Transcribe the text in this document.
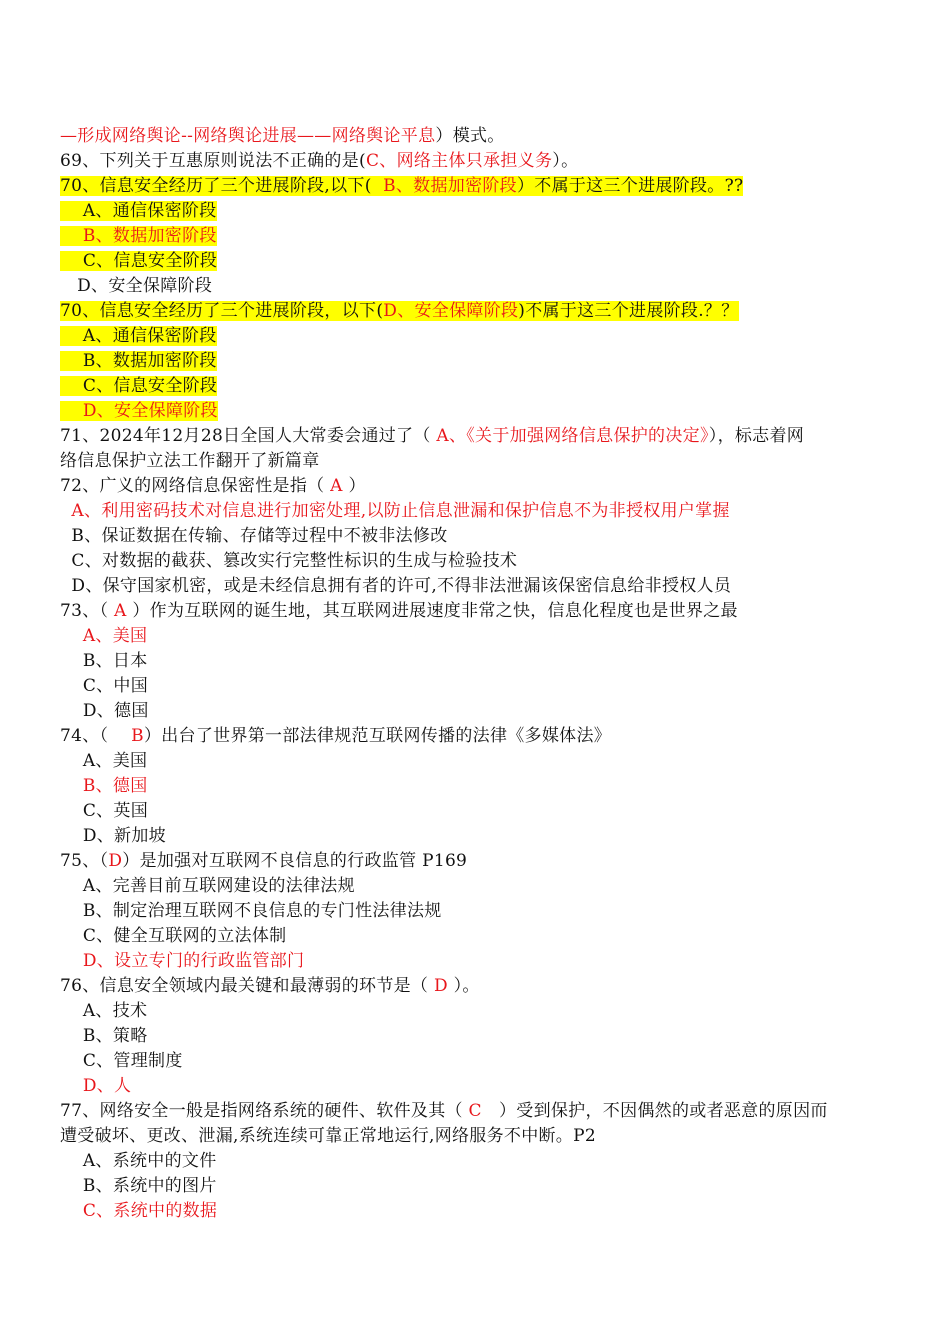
—形成网络舆论--网络舆论进展——网络舆论平息）模式。
69、下列关于互惠原则说法不正确的是(C、网络主体只承担义务）。
70、信息安全经历了三个进展阶段,以下(  B、数据加密阶段）不属于这三个进展阶段。??
A、通信保密阶段
B、数据加密阶段
C、信息安全阶段
D、安全保障阶段
70、信息安全经历了三个进展阶段，以下(D、安全保障阶段)不属于这三个进展阶段.？？
A、通信保密阶段
B、数据加密阶段
C、信息安全阶段
D、安全保障阶段
71、2024年12月28日全国人大常委会通过了（ A、《关于加强网络信息保护的决定》），标志着网
络信息保护立法工作翻开了新篇章
72、广义的网络信息保密性是指（ A ）
A、利用密码技术对信息进行加密处理,以防止信息泄漏和保护信息不为非授权用户掌握
B、保证数据在传输、存储等过程中不被非法修改
C、对数据的截获、篡改实行完整性标识的生成与检验技术
D、保守国家机密，或是未经信息拥有者的许可,不得非法泄漏该保密信息给非授权人员
73、（ A ）作为互联网的诞生地，其互联网进展速度非常之快，信息化程度也是世界之最
A、美国
B、日本
C、中国
D、德国
74、（    B）出台了世界第一部法律规范互联网传播的法律《多媒体法》
A、美国
B、德国
C、英国
D、新加坡
75、（D）是加强对互联网不良信息的行政监管 P169
A、完善目前互联网建设的法律法规
B、制定治理互联网不良信息的专门性法律法规
C、健全互联网的立法体制
D、设立专门的行政监管部门
76、信息安全领域内最关键和最薄弱的环节是（ D ）。
A、技术
B、策略
C、管理制度
D、人
77、网络安全一般是指网络系统的硬件、软件及其（ C   ）受到保护，不因偶然的或者恶意的原因而
遭受破坏、更改、泄漏,系统连续可靠正常地运行,网络服务不中断。P2
A、系统中的文件
B、系统中的图片
C、系统中的数据
